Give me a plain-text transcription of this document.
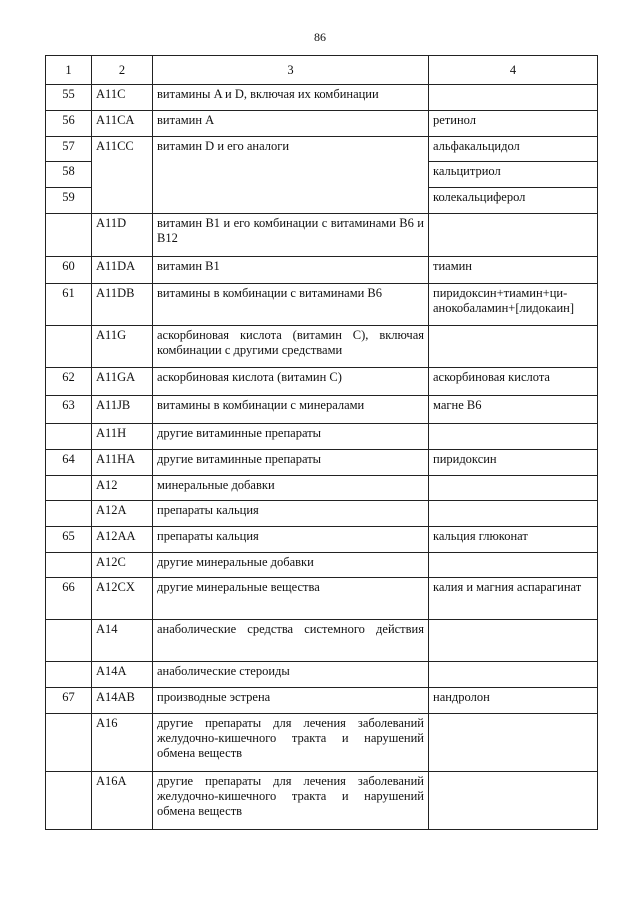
86
1	2	3	4
55	A11C	витамины A и D, включая их комбинации	
56	A11CA	витамин A	ретинол
57	A11CC	витамин D и его аналоги	альфакальцидол
58			кальцитриол
59			колекальциферол
	A11D	витамин B1 и его комбинации с витаминами B6 и B12	
60	A11DA	витамин B1	тиамин
61	A11DB	витамины в комбинации с витаминами B6	пиридоксин+тиамин+ци-анокобаламин+[лидокаин]
	A11G	аскорбиновая кислота (витамин C), включая комбинации с другими средствами	
62	A11GA	аскорбиновая кислота (витамин C)	аскорбиновая кислота
63	A11JB	витамины в комбинации с минералами	магне B6
	A11H	другие витаминные препараты	
64	A11HA	другие витаминные препараты	пиридоксин
	A12	минеральные добавки	
	A12A	препараты кальция	
65	A12AA	препараты кальция	кальция глюконат
	A12C	другие минеральные добавки	
66	A12CX	другие минеральные вещества	калия и магния аспарагинат
	A14	анаболические средства системного действия	
	A14A	анаболические стероиды	
67	A14AB	производные эстрена	нандролон
	A16	другие препараты для лечения заболеваний желудочно-кишечного тракта и нарушений обмена веществ	
	A16A	другие препараты для лечения заболеваний желудочно-кишечного тракта и нарушений обмена веществ	
